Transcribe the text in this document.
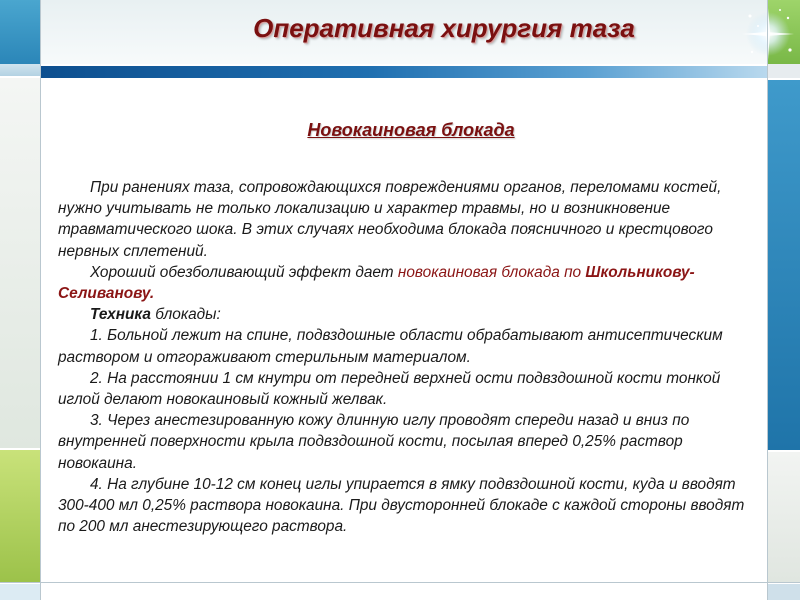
Оперативная хирургия таза
Новокаиновая блокада

При ранениях таза, сопровождающихся повреждениями органов, переломами костей, нужно учитывать не только локализацию и характер травмы, но и возникновение травматического шока. В этих случаях необходима блокада поясничного и крестцового нервных сплетений.

Хороший обезболивающий эффект дает новокаиновая блокада по Школьникову-Селиванову.

Техника блокады:

1. Больной лежит на спине, подвздошные области обрабатывают антисептическим раствором и отгораживают стерильным материалом.

2. На расстоянии 1 см кнутри от передней верхней ости подвздошной кости тонкой иглой делают новокаиновый кожный желвак.

3. Через анестезированную кожу длинную иглу проводят спереди назад и вниз по внутренней поверхности крыла подвздошной кости, посылая вперед 0,25% раствор новокаина.

4. На глубине 10-12 см конец иглы упирается в ямку подвздошной кости, куда и вводят 300-400 мл 0,25% раствора новокаина. При двусторонней блокаде с каждой стороны вводят по 200 мл анестезирующего раствора.
